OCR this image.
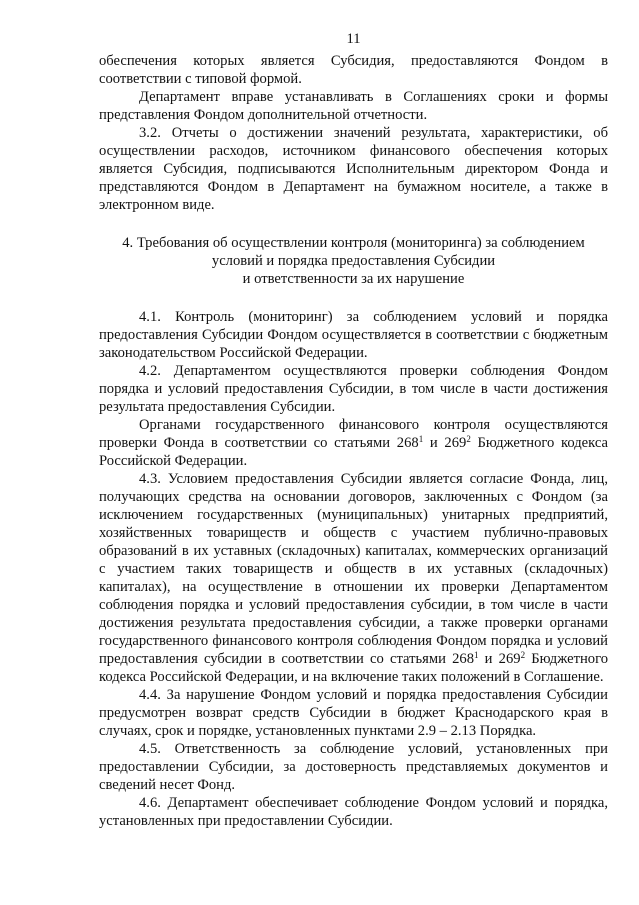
11

обеспечения которых является Субсидия, предоставляются Фондом в соответствии с типовой формой.

Департамент вправе устанавливать в Соглашениях сроки и формы представления Фондом дополнительной отчетности.

3.2. Отчеты о достижении значений результата, характеристики, об осуществлении расходов, источником финансового обеспечения которых является Субсидия, подписываются Исполнительным директором Фонда и представляются Фондом в Департамент на бумажном носителе, а также в электронном виде.

4. Требования об осуществлении контроля (мониторинга) за соблюдением
условий и порядка предоставления Субсидии
и ответственности за их нарушение

4.1. Контроль (мониторинг) за соблюдением условий и порядка предоставления Субсидии Фондом осуществляется в соответствии с бюджетным законодательством Российской Федерации.

4.2. Департаментом осуществляются проверки соблюдения Фондом порядка и условий предоставления Субсидии, в том числе в части достижения результата предоставления Субсидии.

Органами государственного финансового контроля осуществляются проверки Фонда в соответствии со статьями $268^1$ и $269^2$ Бюджетного кодекса Российской Федерации.

4.3. Условием предоставления Субсидии является согласие Фонда, лиц, получающих средства на основании договоров, заключенных с Фондом (за исключением государственных (муниципальных) унитарных предприятий, хозяйственных товариществ и обществ с участием публично-правовых образований в их уставных (складочных) капиталах, коммерческих организаций с участием таких товариществ и обществ в их уставных (складочных) капиталах), на осуществление в отношении их проверки Департаментом соблюдения порядка и условий предоставления субсидии, в том числе в части достижения результата предоставления субсидии, а также проверки органами государственного финансового контроля соблюдения Фондом порядка и условий предоставления субсидии в соответствии со статьями $268^1$ и $269^2$ Бюджетного кодекса Российской Федерации, и на включение таких положений в Соглашение.

4.4. За нарушение Фондом условий и порядка предоставления Субсидии предусмотрен возврат средств Субсидии в бюджет Краснодарского края в случаях, срок и порядке, установленных пунктами 2.9 – 2.13 Порядка.

4.5. Ответственность за соблюдение условий, установленных при предоставлении Субсидии, за достоверность представляемых документов и сведений несет Фонд.

4.6. Департамент обеспечивает соблюдение Фондом условий и порядка, установленных при предоставлении Субсидии.
